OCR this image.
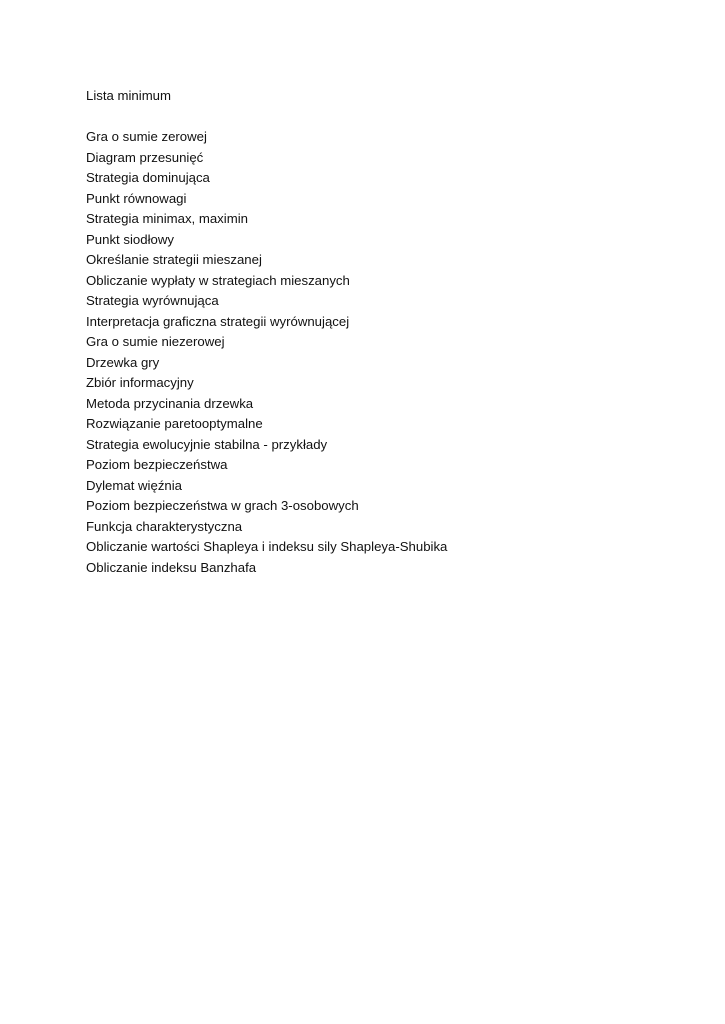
Lista minimum

Gra o sumie zerowej
Diagram przesunięć
Strategia dominująca
Punkt równowagi
Strategia minimax, maximin
Punkt siodłowy
Określanie strategii mieszanej
Obliczanie wypłaty w strategiach mieszanych
Strategia wyrównująca
Interpretacja graficzna strategii wyrównującej
Gra o sumie niezerowej
Drzewka gry
Zbiór informacyjny
Metoda przycinania drzewka
Rozwiązanie paretooptymalne
Strategia ewolucyjnie stabilna - przykłady
Poziom bezpieczeństwa
Dylemat więźnia
Poziom bezpieczeństwa w grach 3-osobowych
Funkcja charakterystyczna
Obliczanie wartości Shapleya i indeksu sily Shapleya-Shubika
Obliczanie indeksu Banzhafa
